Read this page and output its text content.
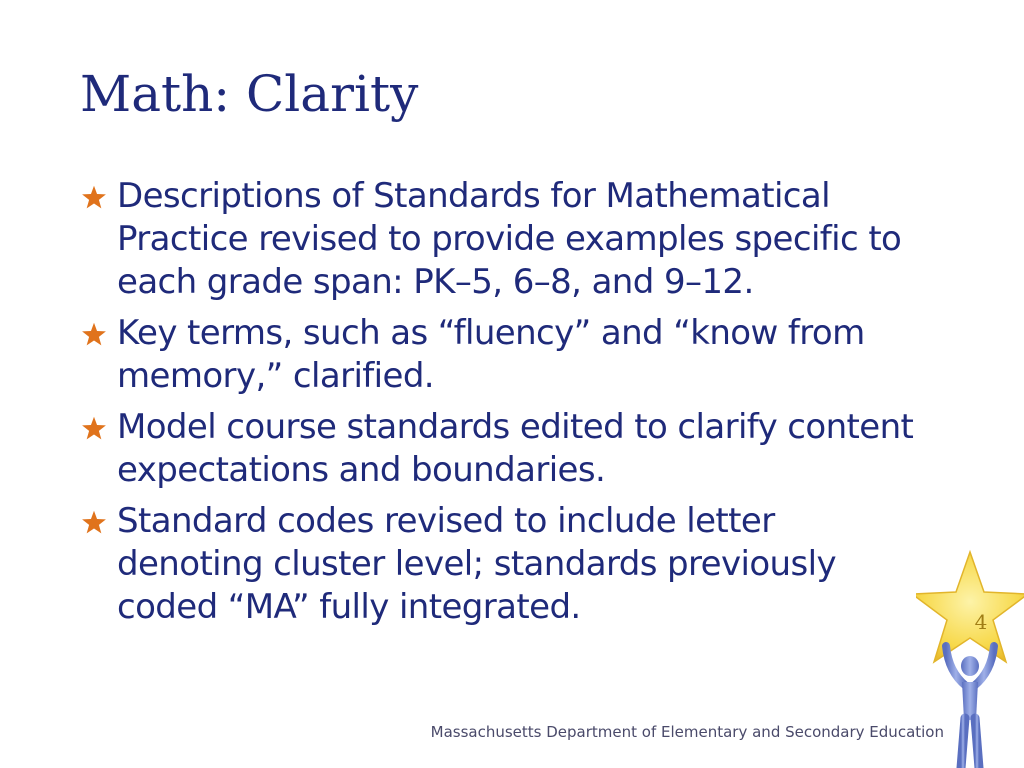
Math: Clarity
Descriptions of Standards for Mathematical Practice revised to provide examples specific to each grade span: PK–5, 6–8, and 9–12.
Key terms, such as “fluency” and “know from memory,” clarified.
Model course standards edited to clarify content expectations and boundaries.
Standard codes revised to include letter denoting cluster level; standards previously coded “MA” fully integrated.	4

Massachusetts Department of Elementary and Secondary Education
